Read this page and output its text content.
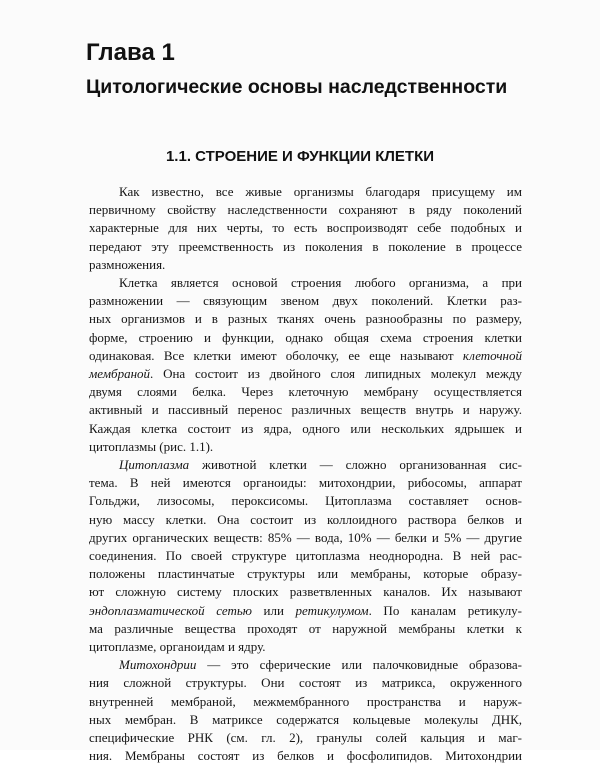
Глава 1
Цитологические основы наследственности
1.1. СТРОЕНИЕ И ФУНКЦИИ КЛЕТКИ
Как известно, все живые организмы благодаря присущему им
первичному свойству наследственности сохраняют в ряду поколений
характерные для них черты, то есть воспроизводят себе подобных и
передают эту преемственность из поколения в поколение в процессе
размножения.
Клетка является основой строения любого организма, а при
размножении — связующим звеном двух поколений. Клетки раз-
ных организмов и в разных тканях очень разнообразны по размеру,
форме, строению и функции, однако общая схема строения клетки
одинаковая. Все клетки имеют оболочку, ее еще называют клеточной
мембраной. Она состоит из двойного слоя липидных молекул между
двумя слоями белка. Через клеточную мембрану осуществляется
активный и пассивный перенос различных веществ внутрь и наружу.
Каждая клетка состоит из ядра, одного или нескольких ядрышек и
цитоплазмы (рис. 1.1).
Цитоплазма животной клетки — сложно организованная сис-
тема. В ней имеются органоиды: митохондрии, рибосомы, аппарат
Гольджи, лизосомы, пероксисомы. Цитоплазма составляет основ-
ную массу клетки. Она состоит из коллоидного раствора белков и
других органических веществ: 85% — вода, 10% — белки и 5% — другие
соединения. По своей структуре цитоплазма неоднородна. В ней рас-
положены пластинчатые структуры или мембраны, которые образу-
ют сложную систему плоских разветвленных каналов. Их называют
эндоплазматической сетью или ретикулумом. По каналам ретикулу-
ма различные вещества проходят от наружной мембраны клетки к
цитоплазме, органоидам и ядру.
Митохондрии — это сферические или палочковидные образова-
ния сложной структуры. Они состоят из матрикса, окруженного
внутренней мембраной, межмембранного пространства и наруж-
ных мембран. В матриксе содержатся кольцевые молекулы ДНК,
специфические РНК (см. гл. 2), гранулы солей кальция и маг-
ния. Мембраны состоят из белков и фосфолипидов. Митохондрии
